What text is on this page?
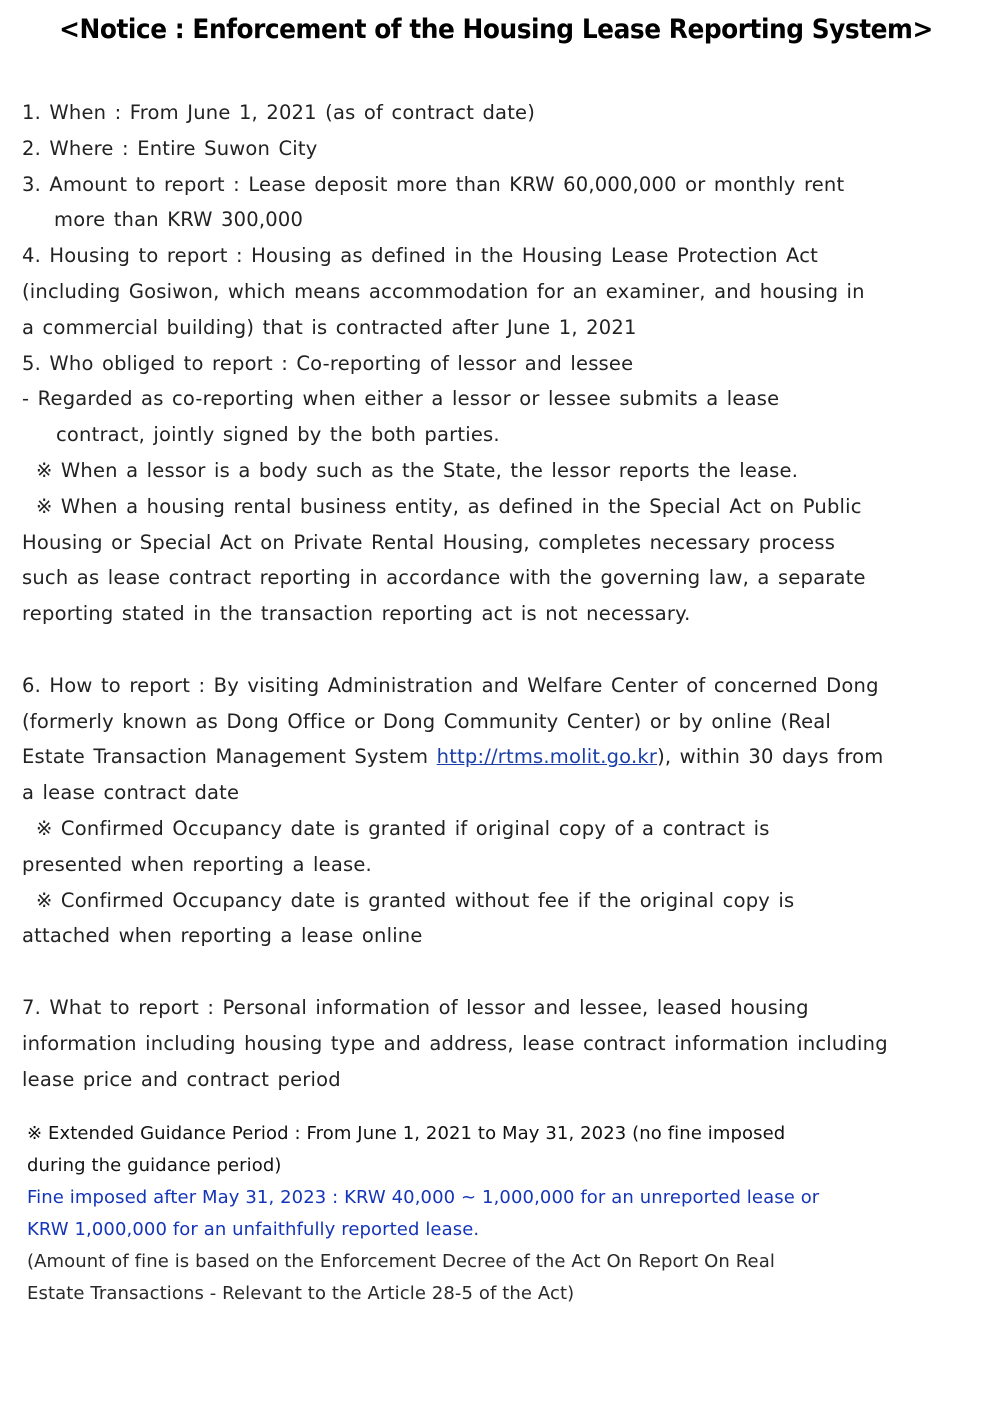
<Notice : Enforcement of the Housing Lease Reporting System>
1. When : From June 1, 2021 (as of contract date)
2. Where : Entire Suwon City
3. Amount to report : Lease deposit more than KRW 60,000,000 or monthly rent
more than KRW 300,000
4. Housing to report : Housing as defined in the Housing Lease Protection Act
(including Gosiwon, which means accommodation for an examiner, and housing in
a commercial building) that is contracted after June 1, 2021
5. Who obliged to report : Co-reporting of lessor and lessee
- Regarded as co-reporting when either a lessor or lessee submits a lease
contract, jointly signed by the both parties.
※ When a lessor is a body such as the State, the lessor reports the lease.
※ When a housing rental business entity, as defined in the Special Act on Public
Housing or Special Act on Private Rental Housing, completes necessary process
such as lease contract reporting in accordance with the governing law, a separate
reporting stated in the transaction reporting act is not necessary.
6. How to report : By visiting Administration and Welfare Center of concerned Dong
(formerly known as Dong Office or Dong Community Center) or by online (Real
Estate Transaction Management System http://rtms.molit.go.kr), within 30 days from
a lease contract date
※ Confirmed Occupancy date is granted if original copy of a contract is
presented when reporting a lease.
※ Confirmed Occupancy date is granted without fee if the original copy is
attached when reporting a lease online
7. What to report : Personal information of lessor and lessee, leased housing
information including housing type and address, lease contract information including
lease price and contract period
※ Extended Guidance Period : From June 1, 2021 to May 31, 2023 (no fine imposed
during the guidance period)
Fine imposed after May 31, 2023 : KRW 40,000 ~ 1,000,000 for an unreported lease or
KRW 1,000,000 for an unfaithfully reported lease.
(Amount of fine is based on the Enforcement Decree of the Act On Report On Real
Estate Transactions - Relevant to the Article 28-5 of the Act)
